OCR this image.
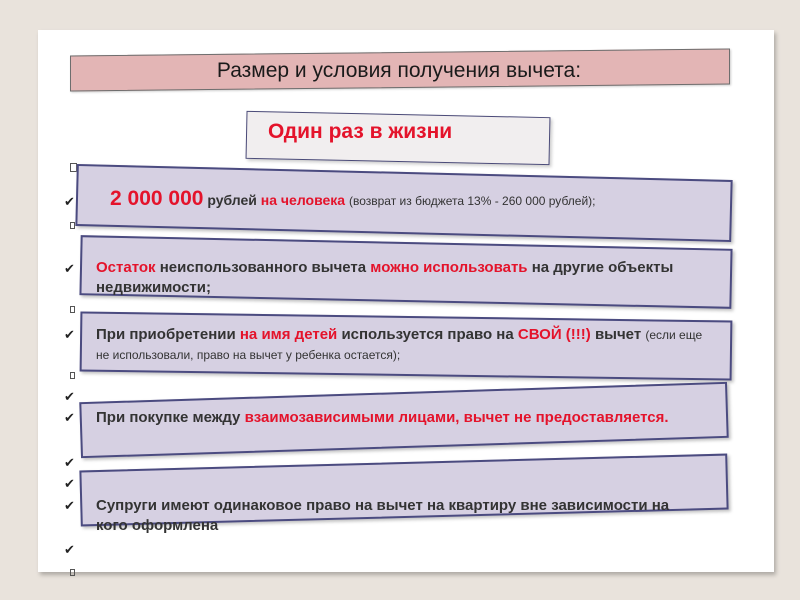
Размер и условия получения вычета:
Один раз в жизни
✔
✔
✔
✔
✔
✔
✔
✔
✔
2 000 000 рублей на человека (возврат из бюджета 13% - 260 000 рублей);
Остаток неиспользованного вычета можно использовать на другие объекты недвижимости;
При приобретении на имя детей используется право на СВОЙ (!!!) вычет (если еще не использовали, право на вычет у ребенка остается);
При покупке между взаимозависимыми лицами, вычет не предоставляется.
Супруги имеют одинаковое право на вычет на квартиру вне зависимости на кого оформлена
